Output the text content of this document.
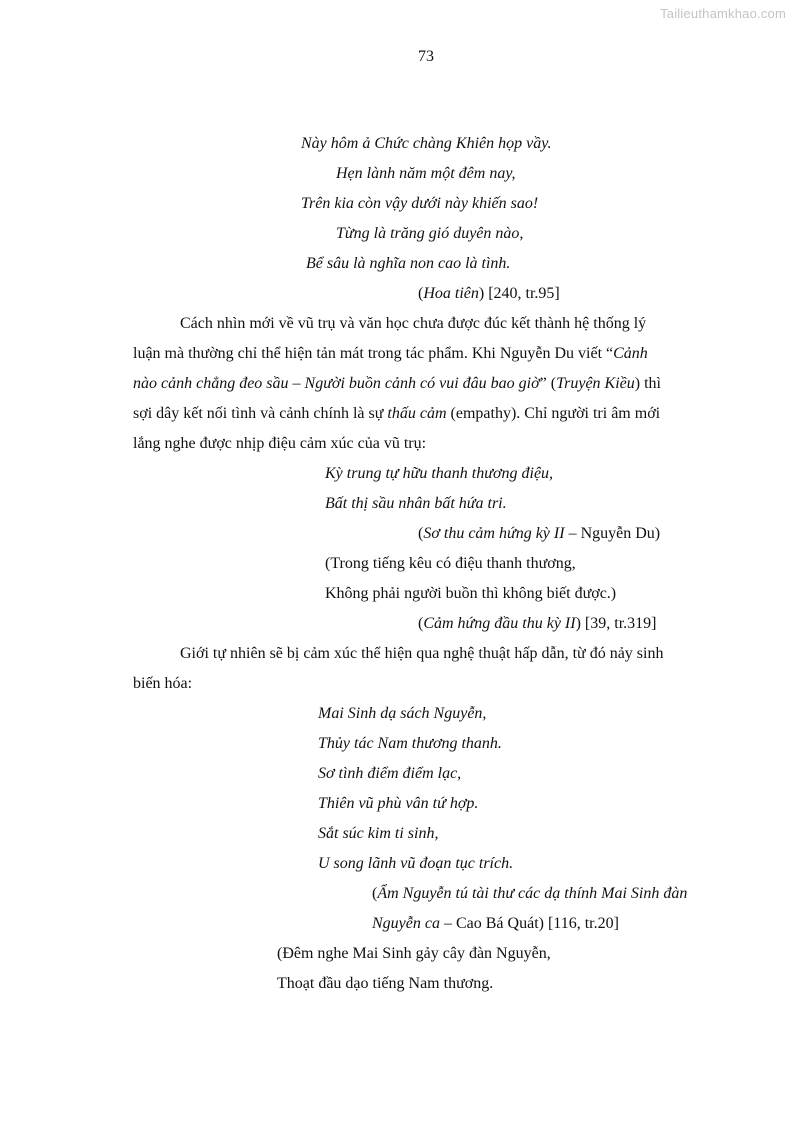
Tailieuthamkhao.com
73
Này hôm ả Chức chàng Khiên họp vầy.
Hẹn lành năm một đêm nay,
Trên kia còn vậy dưới này khiến sao!
Từng là trăng gió duyên nào,
Bể sâu là nghĩa non cao là tình.
(Hoa tiên) [240, tr.95]

Cách nhìn mới về vũ trụ và văn học chưa được đúc kết thành hệ thống lý

luận mà thường chỉ thể hiện tản mát trong tác phẩm. Khi Nguyễn Du viết “Cảnh

nào cảnh chẳng đeo sầu – Người buồn cảnh có vui đâu bao giờ” (Truyện Kiều) thì

sợi dây kết nối tình và cảnh chính là sự thấu cảm (empathy). Chỉ người tri âm mới

lắng nghe được nhịp điệu cảm xúc của vũ trụ:

Kỳ trung tự hữu thanh thương điệu,
Bất thị sầu nhân bất hứa tri.
(Sơ thu cảm hứng kỳ II – Nguyễn Du)
(Trong tiếng kêu có điệu thanh thương,
Không phải người buồn thì không biết được.)
(Cảm hứng đầu thu kỳ II) [39, tr.319]

Giới tự nhiên sẽ bị cảm xúc thể hiện qua nghệ thuật hấp dẫn, từ đó nảy sinh

biến hóa:

Mai Sinh dạ sách Nguyễn,
Thủy tác Nam thương thanh.
Sơ tình điểm điểm lạc,
Thiên vũ phù vân tứ hợp.
Sắt súc kim ti sinh,
U song lãnh vũ đoạn tục trích.
(Ẩm Nguyễn tú tài thư các dạ thính Mai Sinh đàn
Nguyễn ca – Cao Bá Quát) [116, tr.20]
(Đêm nghe Mai Sinh gảy cây đàn Nguyễn,
Thoạt đầu dạo tiếng Nam thương.
